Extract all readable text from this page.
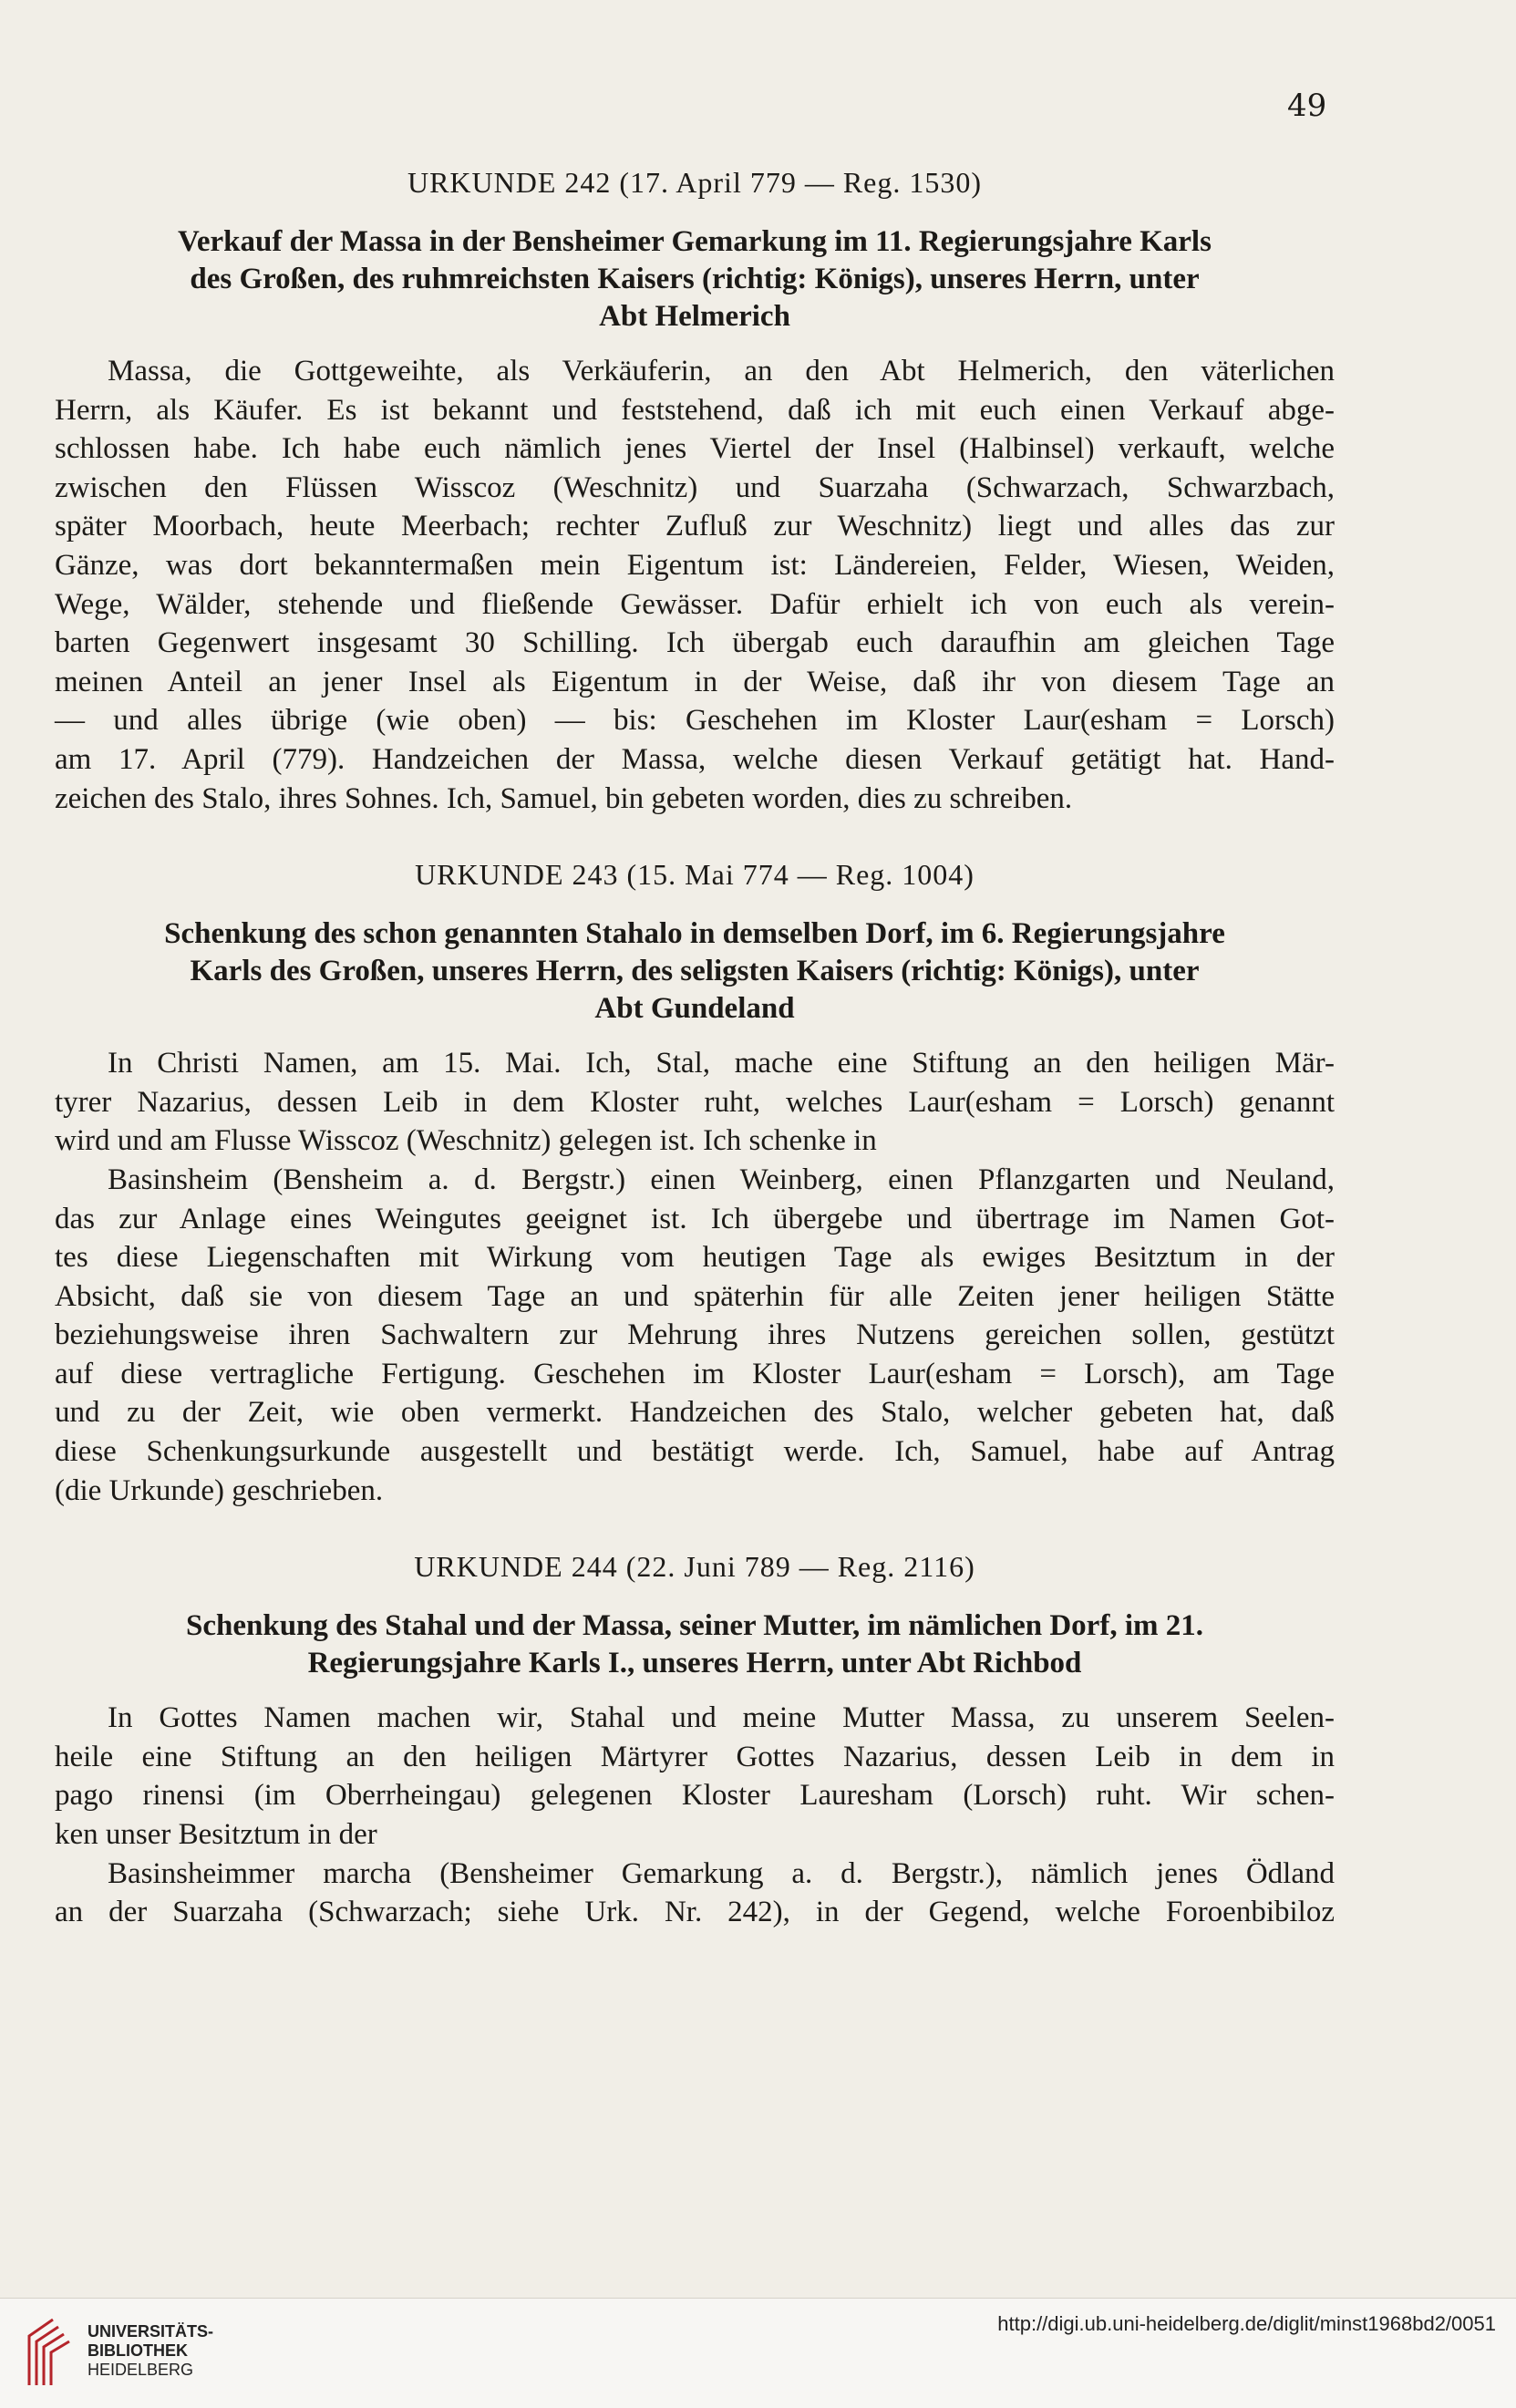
49
URKUNDE 242 (17. April 779 — Reg. 1530)
Verkauf der Massa in der Bensheimer Gemarkung im 11. Regierungsjahre Karls
des Großen, des ruhmreichsten Kaisers (richtig: Königs), unseres Herrn, unter
Abt Helmerich
Massa, die Gottgeweihte, als Verkäuferin, an den Abt Helmerich, den väterlichen
Herrn, als Käufer. Es ist bekannt und feststehend, daß ich mit euch einen Verkauf abge-
schlossen habe. Ich habe euch nämlich jenes Viertel der Insel (Halbinsel) verkauft, welche
zwischen den Flüssen Wisscoz (Weschnitz) und Suarzaha (Schwarzach, Schwarzbach,
später Moorbach, heute Meerbach; rechter Zufluß zur Weschnitz) liegt und alles das zur
Gänze, was dort bekanntermaßen mein Eigentum ist: Ländereien, Felder, Wiesen, Weiden,
Wege, Wälder, stehende und fließende Gewässer. Dafür erhielt ich von euch als verein-
barten Gegenwert insgesamt 30 Schilling. Ich übergab euch daraufhin am gleichen Tage
meinen Anteil an jener Insel als Eigentum in der Weise, daß ihr von diesem Tage an
— und alles übrige (wie oben) — bis: Geschehen im Kloster Laur(esham = Lorsch)
am 17. April (779). Handzeichen der Massa, welche diesen Verkauf getätigt hat. Hand-
zeichen des Stalo, ihres Sohnes. Ich, Samuel, bin gebeten worden, dies zu schreiben.
URKUNDE 243 (15. Mai 774 — Reg. 1004)
Schenkung des schon genannten Stahalo in demselben Dorf, im 6. Regierungsjahre
Karls des Großen, unseres Herrn, des seligsten Kaisers (richtig: Königs), unter
Abt Gundeland
In Christi Namen, am 15. Mai. Ich, Stal, mache eine Stiftung an den heiligen Mär-
tyrer Nazarius, dessen Leib in dem Kloster ruht, welches Laur(esham = Lorsch) genannt
wird und am Flusse Wisscoz (Weschnitz) gelegen ist. Ich schenke in
Basinsheim (Bensheim a. d. Bergstr.) einen Weinberg, einen Pflanzgarten und Neuland,
das zur Anlage eines Weingutes geeignet ist. Ich übergebe und übertrage im Namen Got-
tes diese Liegenschaften mit Wirkung vom heutigen Tage als ewiges Besitztum in der
Absicht, daß sie von diesem Tage an und späterhin für alle Zeiten jener heiligen Stätte
beziehungsweise ihren Sachwaltern zur Mehrung ihres Nutzens gereichen sollen, gestützt
auf diese vertragliche Fertigung. Geschehen im Kloster Laur(esham = Lorsch), am Tage
und zu der Zeit, wie oben vermerkt. Handzeichen des Stalo, welcher gebeten hat, daß
diese Schenkungsurkunde ausgestellt und bestätigt werde. Ich, Samuel, habe auf Antrag
(die Urkunde) geschrieben.
URKUNDE 244 (22. Juni 789 — Reg. 2116)
Schenkung des Stahal und der Massa, seiner Mutter, im nämlichen Dorf, im 21.
Regierungsjahre Karls I., unseres Herrn, unter Abt Richbod
In Gottes Namen machen wir, Stahal und meine Mutter Massa, zu unserem Seelen-
heile eine Stiftung an den heiligen Märtyrer Gottes Nazarius, dessen Leib in dem in
pago rinensi (im Oberrheingau) gelegenen Kloster Lauresham (Lorsch) ruht. Wir schen-
ken unser Besitztum in der
Basinsheimmer marcha (Bensheimer Gemarkung a. d. Bergstr.), nämlich jenes Ödland
an der Suarzaha (Schwarzach; siehe Urk. Nr. 242), in der Gegend, welche Foroenbibiloz
UNIVERSITÄTS-
BIBLIOTHEK
HEIDELBERG
http://digi.ub.uni-heidelberg.de/diglit/minst1968bd2/0051
